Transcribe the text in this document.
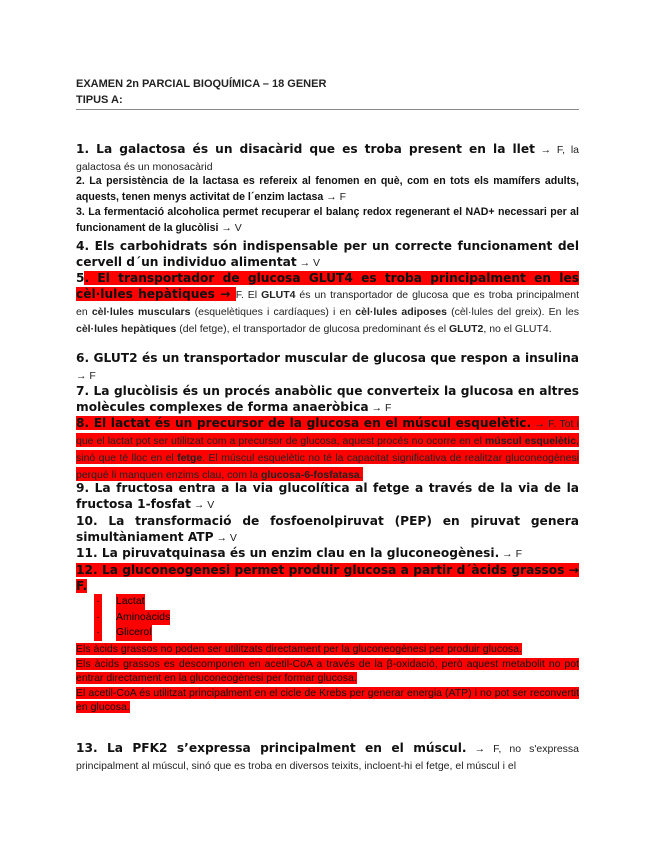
EXAMEN 2n PARCIAL BIOQUÍMICA – 18 GENER
TIPUS A:
1. La galactosa és un disacàrid que es troba present en la llet → F, la galactosa és un monosacàrid
2. La persistència de la lactasa es refereix al fenomen en què, com en tots els mamífers adults, aquests, tenen menys activitat de l´enzim lactasa → F
3. La fermentació alcoholica permet recuperar el balanç redox regenerant el NAD+ necessari per al funcionament de la glucòlisi → V
4. Els carbohidrats són indispensable per un correcte funcionament del cervell d´un individuo alimentat → V
5. El transportador de glucosa GLUT4 es troba principalment en les cèl·lules hepàtiques → F. El GLUT4 és un transportador de glucosa que es troba principalment en cèl·lules musculars (esquelètiques i cardíaques) i en cèl·lules adiposes (cèl·lules del greix). En les cèl·lules hepàtiques (del fetge), el transportador de glucosa predominant és el GLUT2, no el GLUT4.
6. GLUT2 és un transportador muscular de glucosa que respon a insulina → F
7. La glucòlisis és un procés anabòlic que converteix la glucosa en altres molècules complexes de forma anaeròbica → F
8. El lactat és un precursor de la glucosa en el múscul esquelètic. → F. Tot i que el lactat pot ser utilitzat com a precursor de glucosa, aquest procés no ocorre en el múscul esquelètic, sinó que té lloc en el fetge. El múscul esquelètic no té la capacitat significativa de realitzar gluconeogènesi perquè li manquen enzims clau, com la glucosa-6-fosfatasa.
9. La fructosa entra a la via glucolítica al fetge a través de la via de la fructosa 1-fosfat → V
10. La transformació de fosfoenolpiruvat (PEP) en piruvat genera simultàniament ATP → V
11. La piruvatquinasa és un enzim clau en la gluconeogènesi. → F
12. La gluconeogenesi permet produir glucosa a partir d´àcids grassos → F.
· Lactat
· Aminoàcids
· Glicerol
Els àcids grassos no poden ser utilitzats directament per la gluconeogènesi per produir glucosa.
Els àcids grassos es descomponen en acetil-CoA a través de la β-oxidació, però aquest metabolit no pot entrar directament en la gluconeogènesi per formar glucosa.
El acetil-CoA és utilitzat principalment en el cicle de Krebs per generar energia (ATP) i no pot ser reconvertit en glucosa.
13. La PFK2 s’expressa principalment en el múscul. → F, no s'expressa principalment al múscul, sinó que es troba en diversos teixits, incloent-hi el fetge, el múscul i el
